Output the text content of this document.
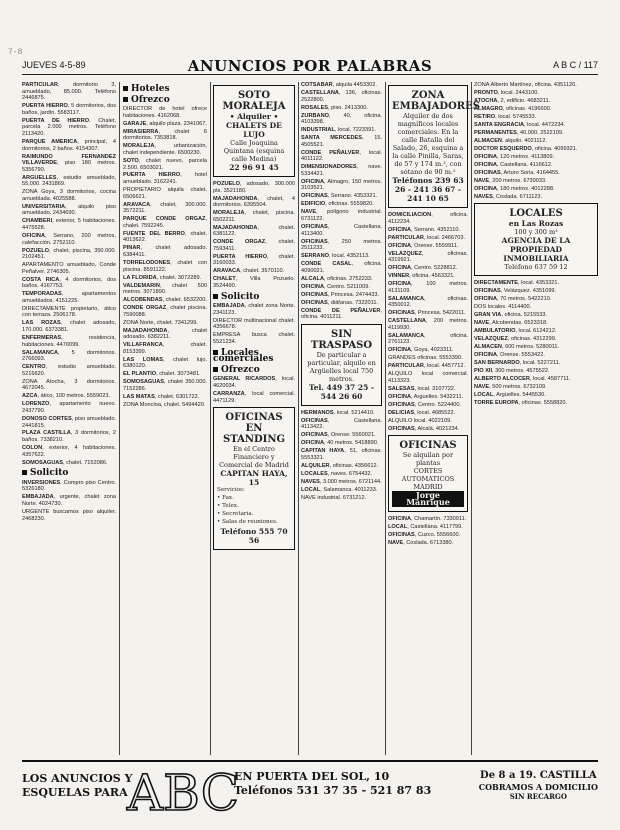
7-8
JUEVES 4-5-89	ANUNCIOS POR PALABRAS	A B C / 117

PARTICULAR, dormitorio 3, amueblado, 85.000. Teléfono 2446875.

PUERTA HIERRO, 5 dormitorios, dos baños, jardín. 5583117.

PUERTA DE HIERRO. Chalet, parcela 2.000 metros. Teléfono 2113420.

PARQUE AMERICA, principal, 4 dormitorios, 2 baños. 4154307.

RAIMUNDO FERNANDEZ VILLAVERDE, piso 180 metros. 5356790.

ARGUELLES, estudio amueblado, 55.000. 2431869.

ZONA Goya, 3 dormitorios, cocina amueblada. 4025588.

UNIVERSITARIA, alquilo piso amueblado. 2434690.

CHAMBERI, exterior, 5 habitaciones. 4475528.

OFICINA, Serrano, 200 metros, calefacción. 2752110.

POZUELO, chalet, piscina, 350.000. 2102451.

APARTAMENTO amueblado, Conde Peñalver. 2746305.

COSTA RICA, 4 dormitorios, dos baños. 4167753.

TEMPORADAS, apartamentos amueblados. 4151225.

DIRECTAMENTE propietario, ático con terraza. 2506178.

LAS ROZAS, chalet adosado, 170.000. 6373381.

ENFERMERAS, residencia, habitaciones. 4470099.

SALAMANCA, 5 dormitorios. 2766093.

CENTRO, estudio amueblado. 5216620.

ZONA Atocha, 3 dormitorios. 4672045.

AZCA, ático, 100 metros. 5559023.

LORENZO, apartamento nuevo. 2437790.

DONOSO CORTES, piso amueblado. 2441815.

PLAZA CASTILLA, 3 dormitorios, 2 baños. 7338210.

COLON, exterior, 4 habitaciones. 4357622.

SOMOSAGUAS, chalet. 7152086.

Solicito

INVERSIONES. Compro piso Centro. 5326180.

EMBAJADA, urgente, chalet zona Norte. 4024730.

URGENTE buscamos piso alquiler. 2468230.

Hoteles
Ofrezco

DIRECTOR de hotel ofrece habitaciones. 4162068.

GARAJE, alquilo plaza. 2341067.

MIRASIERRA, chalet 6 dormitorios. 7353818.

MORALEJA, urbanización, chalet independiente. 6500230.

SOTO, chalet nuevo, parcela 2.500. 6503021.

PUERTA HIERRO, hotel amueblado. 3162241.

PROPIETARIO alquila chalet. 6506621.

ARAVACA, chalet, 300.000. 3572211.

PARQUE CONDE ORGAZ, chalet. 7592245.

FUENTE DEL BERRO, chalet. 4013622.

PINAR, chalet adosado. 6384411.

TORRELODONES, chalet con piscina. 8591122.

LA FLORIDA, chalet. 3072289.

VALDEMARIN, chalet 500 metros. 3071890.

ALCOBENDAS, chalet. 6532200.

CONDE ORGAZ, chalet piscina. 7590088.

ZONA Norte, chalet. 7341299.

MAJADAHONDA, chalet adosado. 6382211.

VILLAFRANCA, chalet. 8153399.

LAS LOMAS, chalet lujo. 6380120.

EL PLANTIO, chalet. 3073481.

SOMOSAGUAS, chalet 350.000. 7152286.

LAS MATAS, chalet. 6301722.

ZONA Moncloa, chalet. 5494420.

SOTO MORALEJA
• Alquiler •
CHALETS DE LUJO
Calle Joaquina Quintana (esquina calle Medina)
22 96 91 45

POZUELO, adosado, 300.000 pts. 3521180.

MAJADAHONDA, chalet, 4 dormitorios. 6395504.

MORALEJA, chalet, piscina. 6502211.

MAJADAHONDA, chalet. 6381122.

CONDE ORGAZ, chalet. 7593411.

PUERTA HIERRO, chalet. 3160033.

ARAVACA, chalet. 3570110.

CHALET, Villa Pozuelo. 3524490.

Solicito

EMBAJADA, chalet zona Norte. 2341123.

DIRECTOR multinacional chalet. 4356678.

EMPRESA busca chalet. 5521234.

Locales comerciales
Ofrezco

GENERAL RICARDOS, local. 4620034.

CARRANZA, local comercial. 4471129.

OFICINAS EN STANDING
En el Centro Financiero y Comercial de Madrid
CAPITAN HAYA, 15

Servicios:

• Fax.

• Telex.

• Secretaria.

• Salas de reuniones.

Teléfono 555 70 56

COTSABAR, alquila 4453302.

CASTELLANA, 136, oficinas. 2522800.

ROSALES, piso. 2413300.

ZURBANO, 40, oficina. 4103398.

INDUSTRIAL, local. 7223391.

SANTA MERCEDES, 15. 4505521.

CONDE PEÑALVER, local. 4011122.

DIMENSIONADORES, nave. 5334421.

OFICINA, Almagro, 150 metros. 3103521.

OFICINAS, Serrano. 4353321.

EDIFICIO, oficinas. 5559820.

NAVE, polígono industrial. 6731122.

OFICINAS, Castellana. 4113400.

OFICINAS, 250 metros. 2511233.

SERRANO, local. 4352113.

CONDE CASAL, oficina. 4090021.

ALCALA, oficinas. 2752233.

OFICINA, Centro. 5211009.

OFICINAS, Princesa. 2474433.

OFICINAS, diáfanas. 7322011.

CONDE DE PEÑALVER, oficina. 4011211.

SIN TRASPASO
De particular a particular, alquilo en Argüelles local 750 metros.
Tel. 449 37 25 - 544 26 60

HERMANOS, local. 5214410.

OFICINAS, Castellana. 4113422.

OFICINAS, Orense. 5560021.

OFICINA, 40 metros. 5418890.

CAPITAN HAYA, 51, oficinas. 5553321.

ALQUILER, oficinas. 4356612.

LOCALES, naves. 6754432.

NAVES, 3.000 metros. 6721144.

LOCAL, Salamanca. 4011233.

NAVE industrial. 6731212.

ZONA
EMBAJADORES
Alquiler de dos magníficos locales comerciales. En la calle Batalla del Salado, 26, esquina a la calle Pinilla, Saras, de 57 y 174 m.², con sótano de 90 m.²
Teléfonos 239 63 26 - 241 36 67 - 241 10 65

DOMICILIACION, oficina. 4112234.

OFICINA, Serrano. 4352110.

PARTICULAR, local. 2466703.

OFICINA, Orense. 5559911.

VELAZQUEZ, oficinas. 4319921.

OFICINA, Centro. 5228812.

VINNER, oficina. 4563321.

OFICINA, 100 metros. 4131109.

SALAMANCA, oficinas. 4350012.

OFICINAS, Princesa. 5422011.

CASTELLANA, 200 metros. 4119930.

SALAMANCA, oficina. 2761123.

OFICINA, Goya. 4023311.

GRANDES oficinas. 5553390.

PARTICULAR, local. 4457712.

ALQUILO local comercial. 4113323.

SALESAS, local. 3107722.

OFICINA, Arguelles. 5432211.

OFICINAS, Centro. 5224400.

DELICIAS, local. 4685522.

ALQUILO local. 4022109.

OFICINAS, Alcalá. 4021234.

OFICINAS
Se alquilan por plantas
CORTES AUTOMATICOS MADRID
Jorge Manrique

OFICINA, Chamartín. 7330911.

LOCAL, Castellana. 4117799.

OFICINAS, Cuzco. 5556600.

NAVE, Coslada. 6713380.

ZONA Alberto Martínez, oficina. 4351120.

PRONTO, local. 2443100.

ATOCHA, 2, edificio. 4683211.

ALMAGRO, oficinas. 4196600.

RETIRO, local. 5745533.

SANTA ENGRACIA, local. 4472234.

PERMANENTES, 40.000. 2522109.

ALMACEN, alquilo. 4021112.

DOCTOR ESQUERDO, oficina. 4099321.

OFICINA, 120 metros. 4113809.

OFICINA, Castellana. 4116612.

OFICINAS, Arturo Soria. 4164455.

NAVE, 200 metros. 6730033.

OFICINA, 180 metros. 4012288.

NAVES, Coslada. 6711123.

LOCALES
en Las Rozas
100 y 300 m²
AGENCIA DE LA PROPIEDAD INMOBILIARIA
Teléfono 637 59 12

DIRECTAMENTE, local. 4353321.

OFICINAS, Velázquez. 4351099.

OFICINA, 70 metros. 5422210.

DOS locales. 4114400.

GRAN VIA, oficina. 5215533.

NAVE, Alcobendas. 6523318.

AMBULATORIO, local. 6124212.

VELAZQUEZ, oficinas. 4312299.

ALMACEN, 600 metros. 5280011.

OFICINA, Orense. 5553422.

SAN BERNARDO, local. 5227211.

PIO XII, 300 metros. 4575522.

ALBERTO ALCOCER, local. 4587711.

NAVE, 500 metros. 6732109.

LOCAL, Argüelles. 5445530.

TORRE EUROPA, oficinas. 5558820.

LOS ANUNCIOS Y
ESQUELAS PARA ABC
EN PUERTA DEL SOL, 10
Teléfonos 531 37 35 - 521 87 83
De 8 a 19. CASTILLA
COBRAMOS A DOMICILIO
SIN RECARGO
